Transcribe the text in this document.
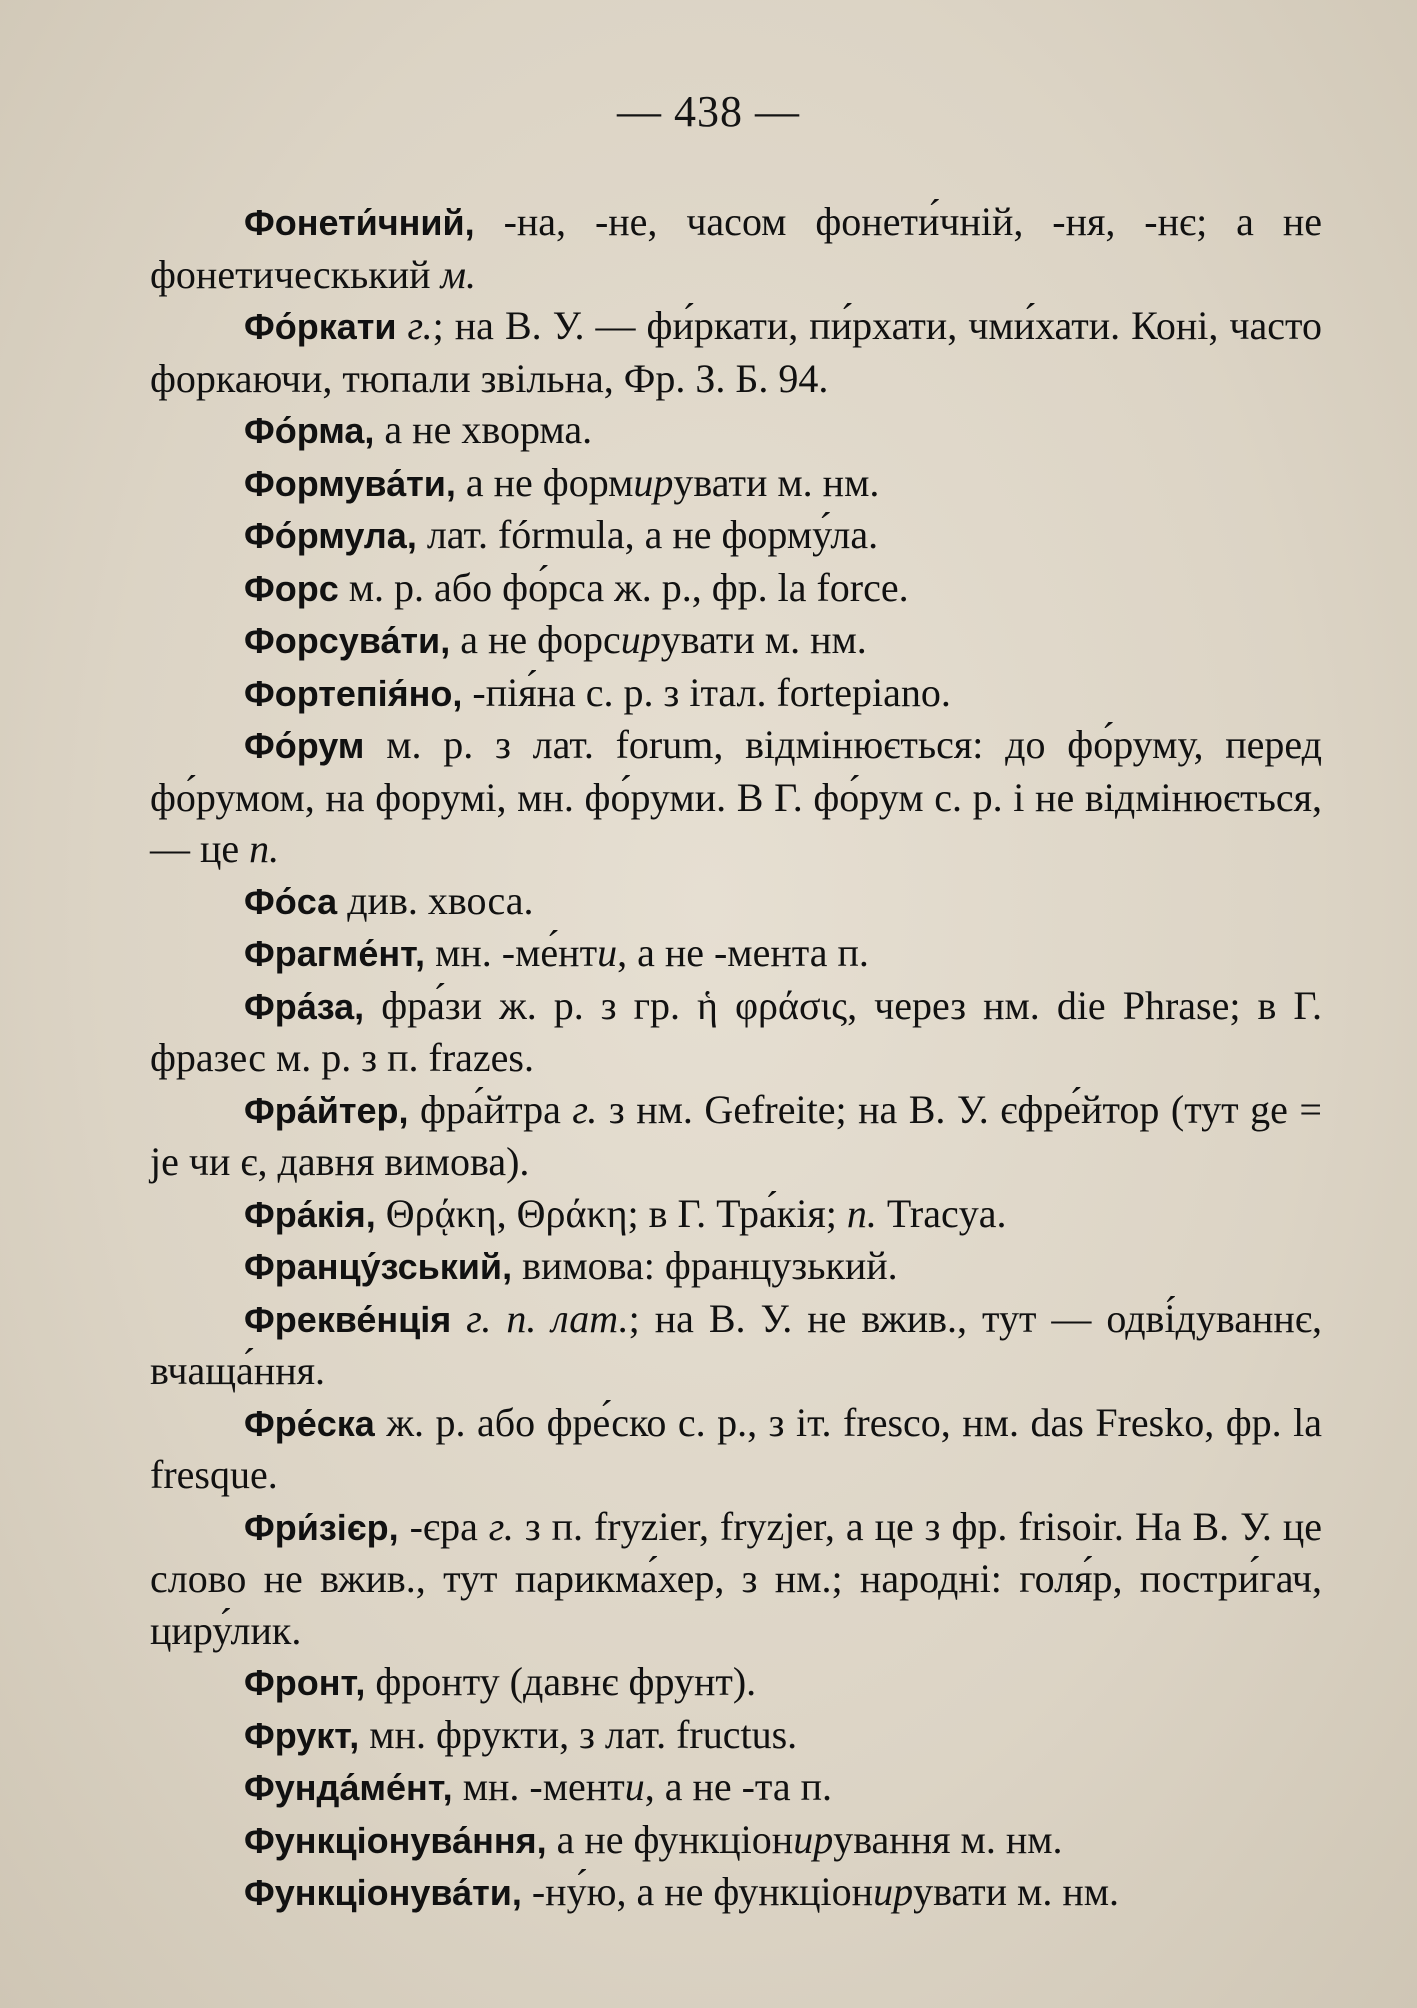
— 438 —

Фонети́чний, -на, -не, часом фонети́чній, -ня, -нє; а не фонетическький м.

Фо́ркати г.; на В. У. — фи́ркати, пи́рхати, чми́хати. Коні, часто форкаючи, тюпали звільна, Фр. З. Б. 94.

Фо́рма, а не хворма.

Формува́ти, а не формирувати м. нм.

Фо́рмула, лат. fórmula, а не форму́ла.

Форс м. р. або фо́рса ж. р., фр. la force.

Форсува́ти, а не форсирувати м. нм.

Фортепія́но, -пія́на с. р. з італ. fortepiano.

Фо́рум м. р. з лат. forum, відмінюється: до фо́руму, перед фо́румом, на форумі, мн. фо́руми. В Г. фо́рум с. р. і не відмінюється, — це п.

Фо́са див. хвоса.

Фрагме́нт, мн. -ме́нти, а не -мента п.

Фра́за, фра́зи ж. р. з гр. ἡ φράσις, через нм. die Phrase; в Г. фразес м. р. з п. frazes.

Фра́йтер, фра́йтра г. з нм. Gefreite; на В. У. єфре́йтор (тут ge = je чи є, давня вимова).

Фра́кія, Θρᾴκη, Θράκη; в Г. Тра́кія; п. Tracya.

Францу́зський, вимова: французький.

Фрекве́нція г. п. лат.; на В. У. не вжив., тут — одві́дуваннє, вчаща́ння.

Фре́ска ж. р. або фре́ско с. р., з іт. fresco, нм. das Fresko, фр. la fresque.

Фри́зієр, -єра г. з п. fryzier, fryzjer, а це з фр. frisoir. На В. У. це слово не вжив., тут парикма́хер, з нм.; народні: голя́р, постри́гач, циру́лик.

Фронт, фронту (давнє фрунт).

Фрукт, мн. фрукти, з лат. fructus.

Фунда́ме́нт, мн. -менти, а не -та п.

Функціонува́ння, а не функціонирування м. нм.

Функціонува́ти, -ну́ю, а не функціонирувати м. нм.
